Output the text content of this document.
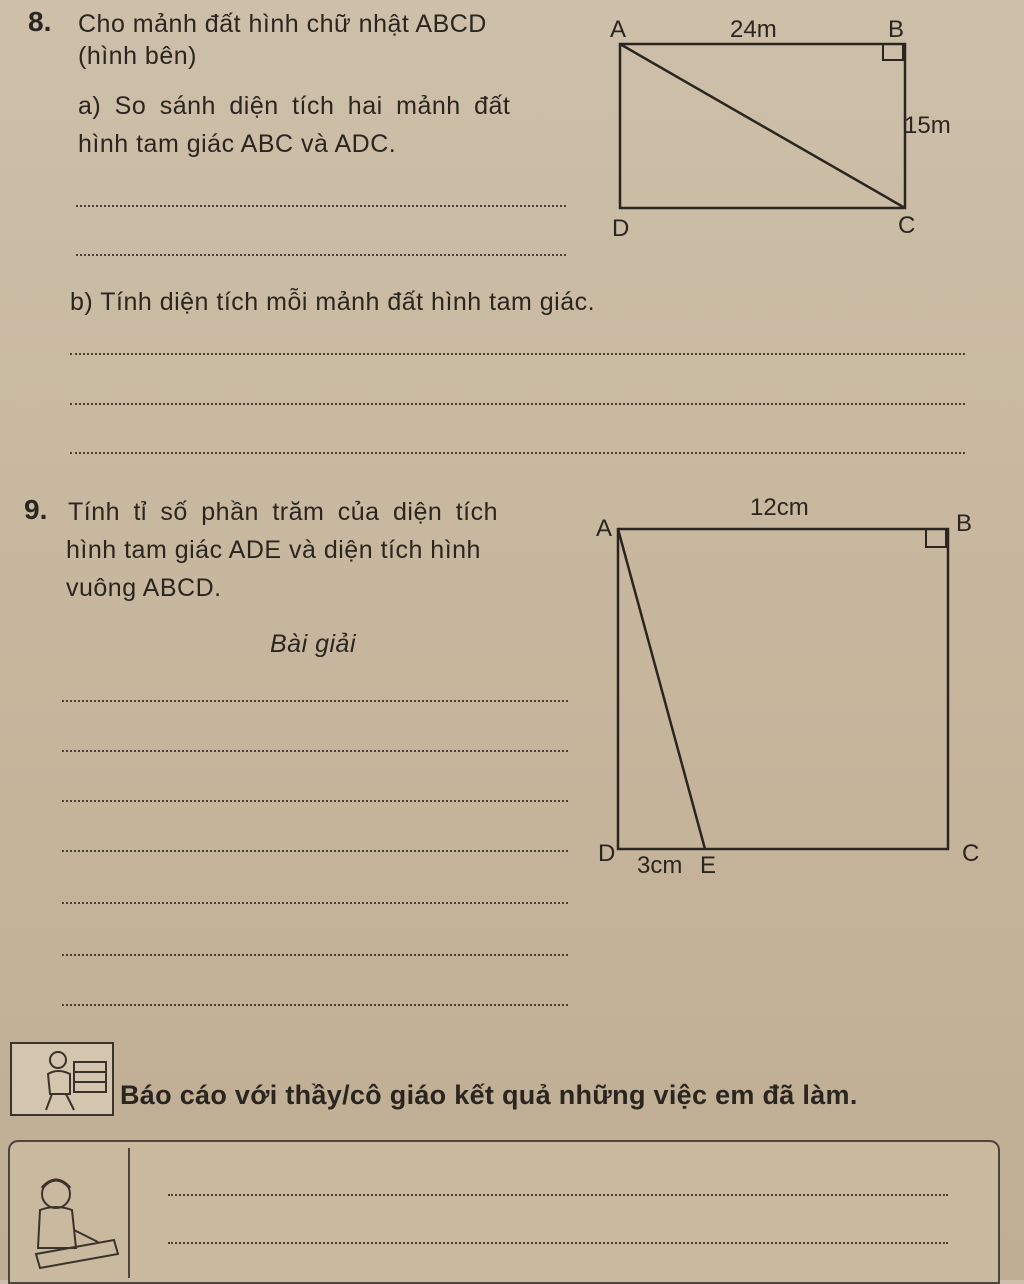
8. Cho mảnh đất hình chữ nhật ABCD
(hình bên)
a) So sánh diện tích hai mảnh đất
hình tam giác ABC và ADC.
b) Tính diện tích mỗi mảnh đất hình tam giác.
A	B
C
D
24m
15m
9. Tính tỉ số phần trăm của diện tích
hình tam giác ADE và diện tích hình
vuông ABCD.
Bài giải
A	B
C
D	E
12cm
3cm
Báo cáo với thầy/cô giáo kết quả những việc em đã làm.
